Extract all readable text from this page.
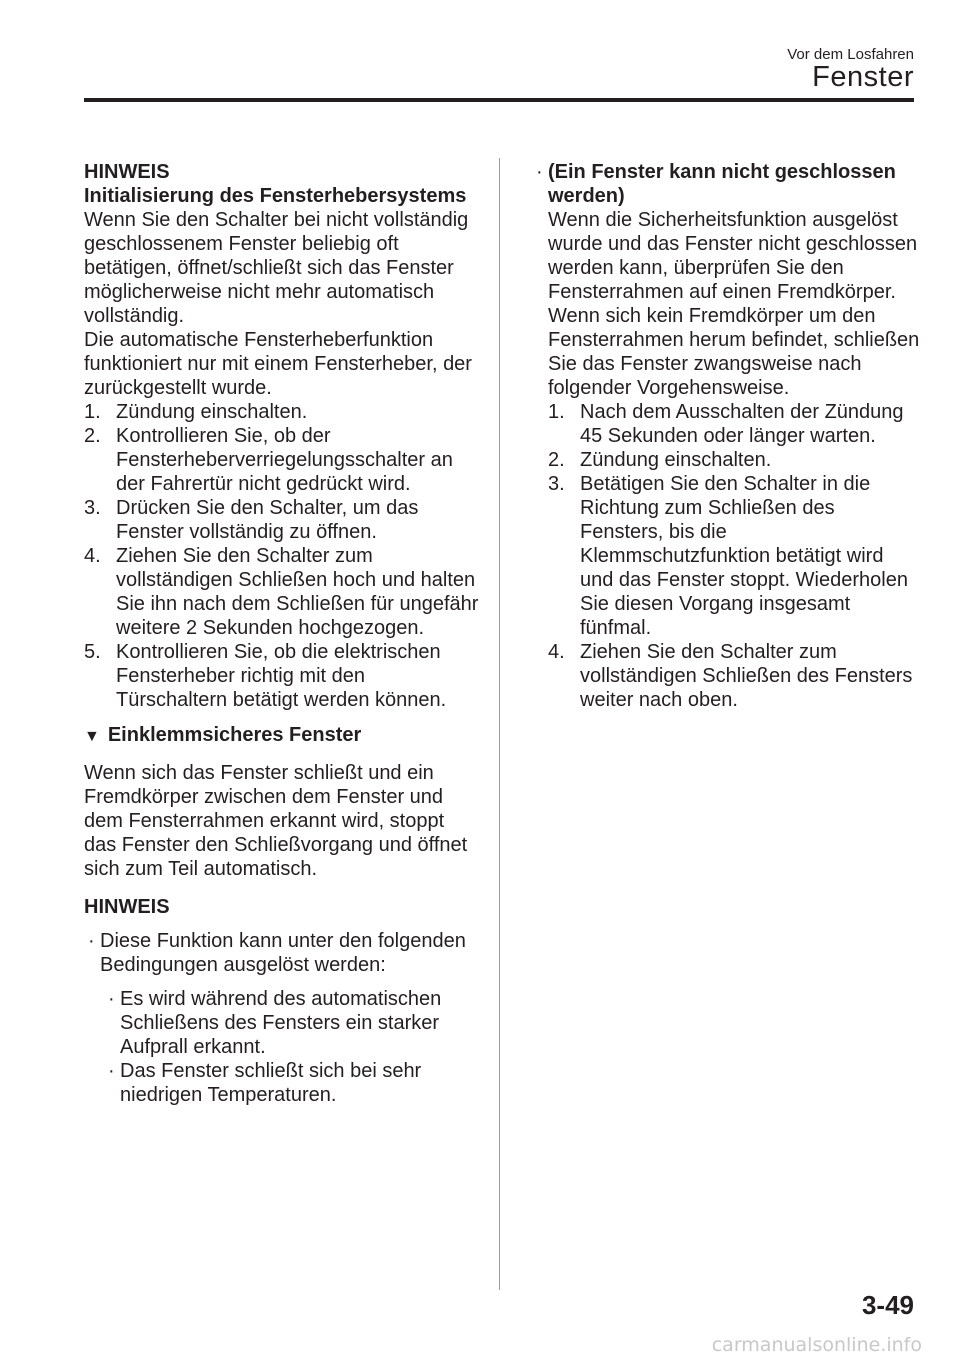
Vor dem Losfahren
Fenster

HINWEIS

Initialisierung des Fensterhebersystems

Wenn Sie den Schalter bei nicht vollständig geschlossenem Fenster beliebig oft betätigen, öffnet/schließt sich das Fenster möglicherweise nicht mehr automatisch vollständig.

Die automatische Fensterheberfunktion funktioniert nur mit einem Fensterheber, der zurückgestellt wurde.

1. Zündung einschalten.
2. Kontrollieren Sie, ob der Fensterheberverriegelungsschalter an der Fahrertür nicht gedrückt wird.
3. Drücken Sie den Schalter, um das Fenster vollständig zu öffnen.
4. Ziehen Sie den Schalter zum vollständigen Schließen hoch und halten Sie ihn nach dem Schließen für ungefähr weitere 2 Sekunden hochgezogen.
5. Kontrollieren Sie, ob die elektrischen Fensterheber richtig mit den Türschaltern betätigt werden können.
▼ Einklemmsicheres Fenster

Wenn sich das Fenster schließt und ein Fremdkörper zwischen dem Fenster und dem Fensterrahmen erkannt wird, stoppt das Fenster den Schließvorgang und öffnet sich zum Teil automatisch.

HINWEIS

· Diese Funktion kann unter den folgenden Bedingungen ausgelöst werden:
· Es wird während des automatischen Schließens des Fensters ein starker Aufprall erkannt.
· Das Fenster schließt sich bei sehr niedrigen Temperaturen.
· (Ein Fenster kann nicht geschlossen werden)

Wenn die Sicherheitsfunktion ausgelöst wurde und das Fenster nicht geschlossen werden kann, überprüfen Sie den Fensterrahmen auf einen Fremdkörper.

Wenn sich kein Fremdkörper um den Fensterrahmen herum befindet, schließen Sie das Fenster zwangsweise nach folgender Vorgehensweise.

1. Nach dem Ausschalten der Zündung 45 Sekunden oder länger warten.
2. Zündung einschalten.
3. Betätigen Sie den Schalter in die Richtung zum Schließen des Fensters, bis die Klemmschutzfunktion betätigt wird und das Fenster stoppt. Wiederholen Sie diesen Vorgang insgesamt fünfmal.
4. Ziehen Sie den Schalter zum vollständigen Schließen des Fensters weiter nach oben.
3-49
carmanualsonline.info
